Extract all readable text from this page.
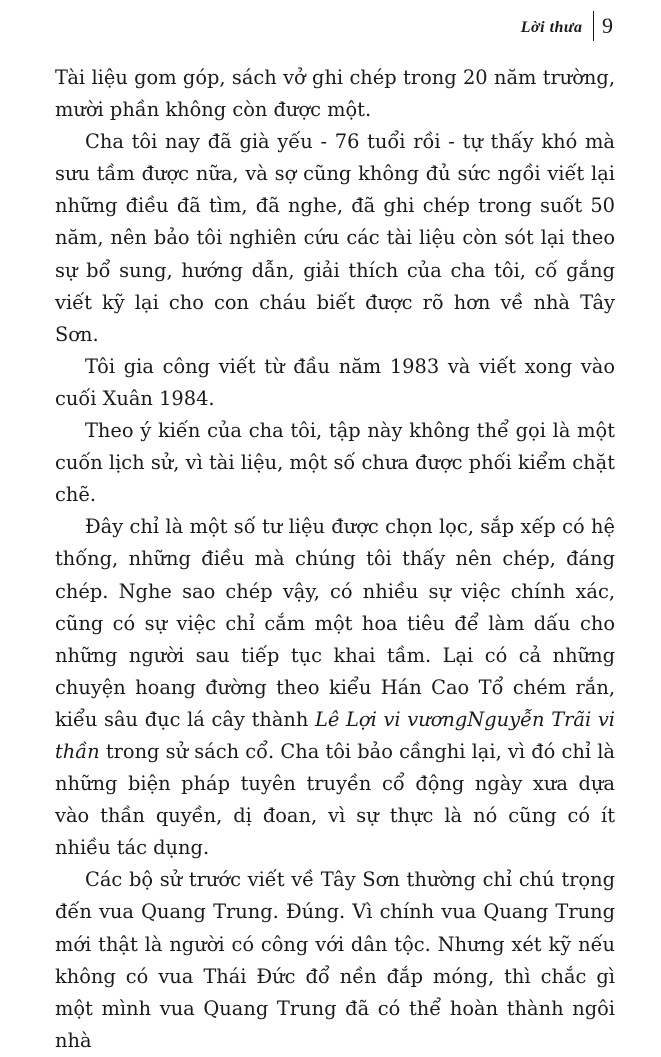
Lời thưa 9

Tài liệu gom góp, sách vở ghi chép trong 20 năm trường, mười phần không còn được một.

Cha tôi nay đã già yếu - 76 tuổi rồi - tự thấy khó mà sưu tầm được nữa, và sợ cũng không đủ sức ngồi viết lại những điều đã tìm, đã nghe, đã ghi chép trong suốt 50 năm, nên bảo tôi nghiên cứu các tài liệu còn sót lại theo sự bổ sung, hướng dẫn, giải thích của cha tôi, cố gắng viết kỹ lại cho con cháu biết được rõ hơn về nhà Tây Sơn.

Tôi gia công viết từ đầu năm 1983 và viết xong vào cuối Xuân 1984.

Theo ý kiến của cha tôi, tập này không thể gọi là một cuốn lịch sử, vì tài liệu, một số chưa được phối kiểm chặt chẽ.

Đây chỉ là một số tư liệu được chọn lọc, sắp xếp có hệ thống, những điều mà chúng tôi thấy nên chép, đáng chép. Nghe sao chép vậy, có nhiều sự việc chính xác, cũng có sự việc chỉ cắm một hoa tiêu để làm dấu cho những người sau tiếp tục khai tầm. Lại có cả những chuyện hoang đường theo kiểu Hán Cao Tổ chém rắn, kiểu sâu đục lá cây thành Lê Lợi vi vươngNguyễn Trãi vi thần trong sử sách cổ. Cha tôi bảo cầnghi lại, vì đó chỉ là những biện pháp tuyên truyền cổ động ngày xưa dựa vào thần quyền, dị đoan, vì sự thực là nó cũng có ít nhiều tác dụng.

Các bộ sử trước viết về Tây Sơn thường chỉ chú trọng đến vua Quang Trung. Đúng. Vì chính vua Quang Trung mới thật là người có công với dân tộc. Nhưng xét kỹ nếu không có vua Thái Đức đổ nền đắp móng, thì chắc gì một mình vua Quang Trung đã có thể hoàn thành ngôi nhà
